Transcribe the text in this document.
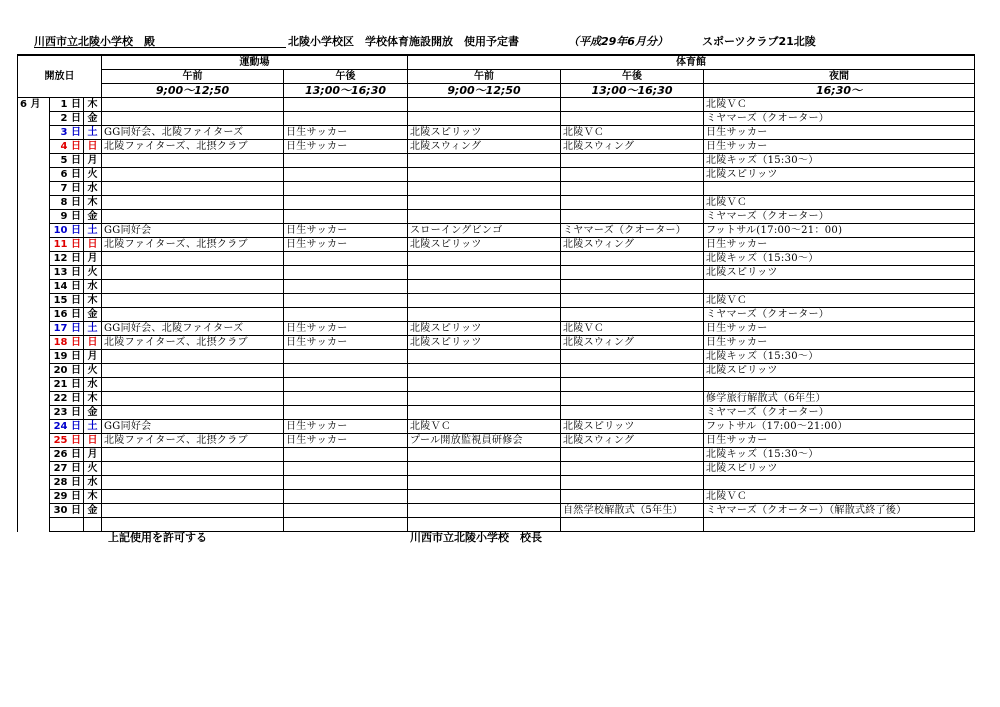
川西市立北陵小学校　殿	北陵小学校区　学校体育施設開放　使用予定書	（平成29年6月分）	スポーツクラブ21北陵
開放日			運動場		体育館		
			午前	午後	午前	午後	夜間
			9;00～12;50	13;00～16;30	9;00～12;50	13;00～16;30	16;30～
6 月	1 日	木					北陵ＶＣ
	2 日	金					ミヤマーズ（クオーター）
	3 日	土	GG同好会、北陵ファイターズ	日生サッカー	北陵スピリッツ	北陵ＶＣ	日生サッカー
	4 日	日	北陵ファイターズ、北摂クラブ	日生サッカー	北陵スウィング	北陵スウィング	日生サッカー
	5 日	月					北陵キッズ（15:30～）
	6 日	火					北陵スピリッツ
	7 日	水					
	8 日	木					北陵ＶＣ
	9 日	金					ミヤマーズ（クオーター）
	10 日	土	GG同好会	日生サッカー	スローイングビンゴ	ミヤマーズ（クオーター）	フットサル(17:00～21：00)
	11 日	日	北陵ファイターズ、北摂クラブ	日生サッカー	北陵スピリッツ	北陵スウィング	日生サッカー
	12 日	月					北陵キッズ（15:30～）
	13 日	火					北陵スピリッツ
	14 日	水					
	15 日	木					北陵ＶＣ
	16 日	金					ミヤマーズ（クオーター）
	17 日	土	GG同好会、北陵ファイターズ	日生サッカー	北陵スピリッツ	北陵ＶＣ	日生サッカー
	18 日	日	北陵ファイターズ、北摂クラブ	日生サッカー	北陵スピリッツ	北陵スウィング	日生サッカー
	19 日	月					北陵キッズ（15:30～）
	20 日	火					北陵スピリッツ
	21 日	水					
	22 日	木					修学旅行解散式（6年生）
	23 日	金					ミヤマーズ（クオーター）
	24 日	土	GG同好会	日生サッカー	北陵ＶＣ	北陵スピリッツ	フットサル（17:00～21:00）
	25 日	日	北陵ファイターズ、北摂クラブ	日生サッカー	プール開放監視員研修会	北陵スウィング	日生サッカー
	26 日	月					北陵キッズ（15:30～）
	27 日	火					北陵スピリッツ
	28 日	水					
	29 日	木					北陵ＶＣ
	30 日	金				自然学校解散式（5年生）	ミヤマーズ（クオーター）（解散式終了後）

上記使用を許可する	川西市立北陵小学校　校長
